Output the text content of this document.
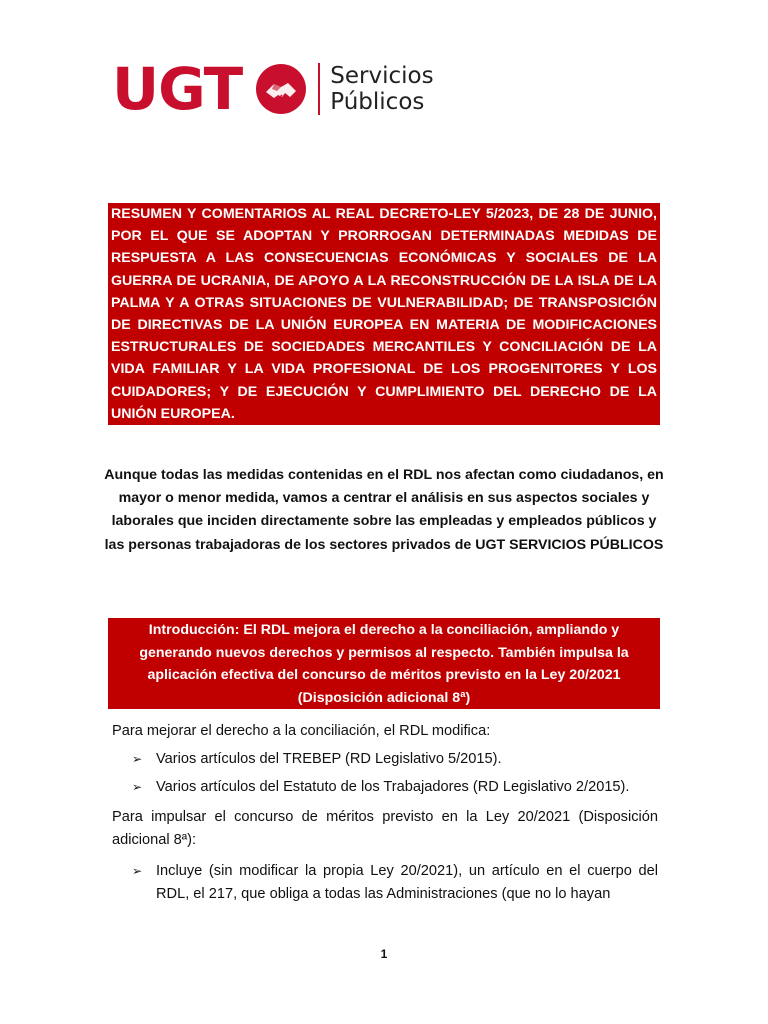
UGT	Servicios
Públicos
RESUMEN Y COMENTARIOS AL REAL DECRETO-LEY 5/2023, DE 28 DE JUNIO, POR EL QUE SE ADOPTAN Y PRORROGAN DETERMINADAS MEDIDAS DE RESPUESTA A LAS CONSECUENCIAS ECONÓMICAS Y SOCIALES DE LA GUERRA DE UCRANIA, DE APOYO A LA RECONSTRUCCIÓN DE LA ISLA DE LA PALMA Y A OTRAS SITUACIONES DE VULNERABILIDAD; DE TRANSPOSICIÓN DE DIRECTIVAS DE LA UNIÓN EUROPEA EN MATERIA DE MODIFICACIONES ESTRUCTURALES DE SOCIEDADES MERCANTILES Y CONCILIACIÓN DE LA VIDA FAMILIAR Y LA VIDA PROFESIONAL DE LOS PROGENITORES Y LOS CUIDADORES; Y DE EJECUCIÓN Y CUMPLIMIENTO DEL DERECHO DE LA UNIÓN EUROPEA.
Aunque todas las medidas contenidas en el RDL nos afectan como ciudadanos, en mayor o menor medida, vamos a centrar el análisis en sus aspectos sociales y laborales que inciden directamente sobre las empleadas y empleados públicos y las personas trabajadoras de los sectores privados de UGT SERVICIOS PÚBLICOS
Introducción: El RDL mejora el derecho a la conciliación, ampliando y generando nuevos derechos y permisos al respecto. También impulsa la aplicación efectiva del concurso de méritos previsto en la Ley 20/2021 (Disposición adicional 8ª)
Para mejorar el derecho a la conciliación, el RDL modifica:
➢ Varios artículos del TREBEP (RD Legislativo 5/2015).
➢ Varios artículos del Estatuto de los Trabajadores (RD Legislativo 2/2015).
Para impulsar el concurso de méritos previsto en la Ley 20/2021 (Disposición adicional 8ª):
➢ Incluye (sin modificar la propia Ley 20/2021), un artículo en el cuerpo del RDL, el 217, que obliga a todas las Administraciones (que no lo hayan
1
